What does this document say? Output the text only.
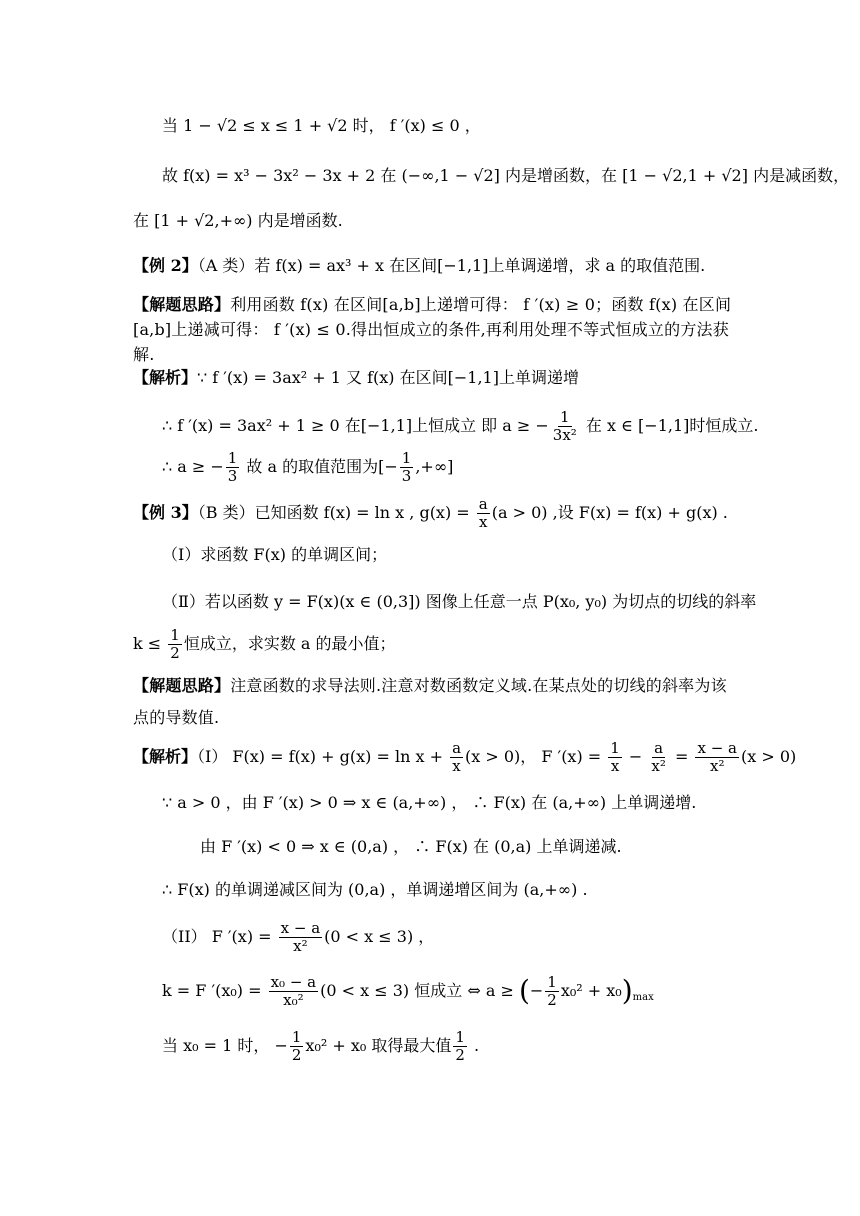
当 1 − √2 ≤ x ≤ 1 + √2 时， f ′(x) ≤ 0 ，
故 f(x) = x³ − 3x² − 3x + 2 在 (−∞,1 − √2] 内是增函数，在 [1 − √2,1 + √2] 内是减函数，
在 [1 + √2,+∞) 内是增函数.
【例 2】（A 类）若 f(x) = ax³ + x 在区间[−1,1]上单调递增，求 a 的取值范围.
【解题思路】利用函数 f(x) 在区间[a,b]上递增可得： f ′(x) ≥ 0；函数 f(x) 在区间[a,b]上递减可得： f ′(x) ≤ 0.得出恒成立的条件,再利用处理不等式恒成立的方法获解.
【解析】∵ f ′(x) = 3ax² + 1 又 f(x) 在区间[−1,1]上单调递增
∴ f ′(x) = 3ax² + 1 ≥ 0 在[−1,1]上恒成立 即 a ≥ − $\frac{1}{\text{3x²}}$ 在 x ∈ [−1,1]时恒成立.
∴ a ≥ − $\frac{1}{3}$ 故 a 的取值范围为[− $\frac{1}{3}$ ,+∞]
【例 3】（B 类）已知函数 f(x) = ln x , $g(x) = \frac{a}{x} (a > 0)$ ,设 F(x) = f(x) + g(x) .
（Ⅰ）求函数 F(x) 的单调区间；
（Ⅱ）若以函数 y = F(x)(x ∈ (0,3]) 图像上任意一点 P(x₀, y₀) 为切点的切线的斜率
$k \le \frac{1}{2}$ 恒成立，求实数 a 的最小值；
【解题思路】注意函数的求导法则.注意对数函数定义域.在某点处的切线的斜率为该点的导数值.
【解析】（I） $F(x) = f(x) + g(x) = \ln x + \frac{a}{x} (x > 0)$， F $'(x) = \frac{1}{x} - \frac{a}{\text{x²}} = \frac{x - a}{\text{x²}} (x > 0)$
∵ a > 0 ，由 F ′(x) > 0 ⇒ x ∈ (a,+∞) ， ∴ F(x) 在 (a,+∞) 上单调递增.
由 F ′(x) < 0 ⇒ x ∈ (0,a) ， ∴ F(x) 在 (0,a) 上单调递减.
∴ F(x) 的单调递减区间为 (0,a) ，单调递增区间为 (a,+∞) .
（II） F $'(x) = \frac{x - a}{\text{x²}} (0 < x \le 3)$ ，
k = F $'(x_0) = \frac{\text{x₀ − a}}{\text{x₀²}} (0 < x \le 3)$ 恒成立 ⇔ a ≥ (− $\frac{1}{2} x_0^2 + x_0)_{max}$
当 x₀ = 1 时， − $\frac{1}{2} x_0^2 + x_0$ 取得最大值 $\frac{1}{2}$ .
